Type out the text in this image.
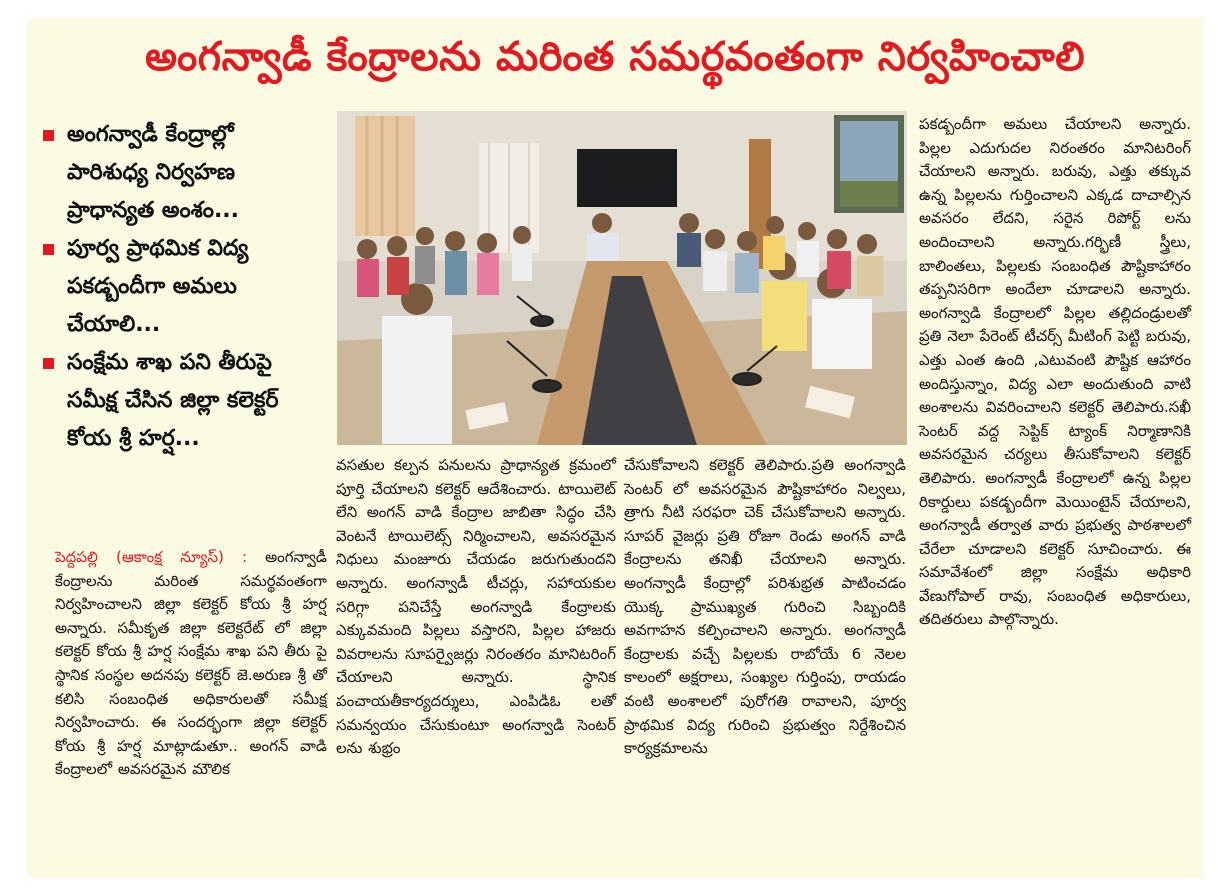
అంగన్వాడీ కేంద్రాలను మరింత సమర్థవంతంగా నిర్వహించాలి
అంగన్వాడీ కేంద్రాల్లో పారిశుధ్య నిర్వహణ ప్రాధాన్యత అంశం...
పూర్వ ప్రాథమిక విద్య పకడ్బందీగా అమలు చేయాలి...
సంక్షేమ శాఖ పని తీరుపై సమీక్ష చేసిన జిల్లా కలెక్టర్ కోయ శ్రీ హర్ష...
పెద్దపల్లి (ఆకాంక్ష న్యూస్) : అంగన్వాడీ కేంద్రాలను మరింత సమర్థవంతంగా నిర్వహించాలని జిల్లా కలెక్టర్ కోయ శ్రీ హర్ష అన్నారు. సమీకృత జిల్లా కలెక్టరేట్ లో జిల్లా కలెక్టర్ కోయ శ్రీ హర్ష సంక్షేమ శాఖ పని తీరు పై స్థానిక సంస్థల అదనపు కలెక్టర్ జె.అరుణ శ్రీ తో కలిసి సంబంధిత అధికారులతో సమీక్ష నిర్వహించారు. ఈ సందర్భంగా జిల్లా కలెక్టర్ కోయ శ్రీ హర్ష మాట్లాడుతూ.. అంగన్ వాడి కేంద్రాలలో అవసరమైన మౌలిక
వసతుల కల్పన పనులను ప్రాధాన్యత క్రమంలో పూర్తి చేయాలని కలెక్టర్ ఆదేశించారు. టాయిలెట్ లేని అంగన్ వాడి కేంద్రాల జాబితా సిద్ధం చేసి వెంటనే టాయిలెట్స్ నిర్మించాలని, అవసరమైన నిధులు మంజూరు చేయడం జరుగుతుందని అన్నారు. అంగన్వాడీ టీచర్లు, సహాయకుల సరిగ్గా పనిచేస్తే అంగన్వాడి కేంద్రాలకు ఎక్కువమంది పిల్లలు వస్తారని, పిల్లల హాజరు వివరాలను సూపర్వైజర్లు నిరంతరం మానిటరింగ్ చేయాలని అన్నారు. స్థానిక పంచాయతీకార్యదర్శులు, ఎంపిడిఓ లతో సమన్వయం చేసుకుంటూ అంగన్వాడి సెంటర్ లను శుభ్రం
చేసుకోవాలని కలెక్టర్ తెలిపారు.ప్రతి అంగన్వాడి సెంటర్ లో అవసరమైన పౌష్టికాహారం నిల్వలు, త్రాగు నీటి సరఫరా చెక్ చేసుకోవాలని అన్నారు. సూపర్ వైజర్లు ప్రతి రోజూ రెండు అంగన్ వాడి కేంద్రాలను తనిఖీ చేయాలని అన్నారు. అంగన్వాడీ కేంద్రాల్లో పరిశుభ్రత పాటించడం యొక్క ప్రాముఖ్యత గురించి సిబ్బందికి అవగాహన కల్పించాలని అన్నారు. అంగన్వాడీ కేంద్రాలకు వచ్చే పిల్లలకు రాబోయే 6 నెలల కాలంలో అక్షరాలు, సంఖ్యల గుర్తింపు, రాయడం వంటి అంశాలలో పురోగతి రావాలని, పూర్వ ప్రాథమిక విద్య గురించి ప్రభుత్వం నిర్దేశించిన కార్యక్రమాలను
పకడ్బందీగా అమలు చేయాలని అన్నారు. పిల్లల ఎదుగుదల నిరంతరం మానిటరింగ్ చేయాలని అన్నారు. బరువు, ఎత్తు తక్కువ ఉన్న పిల్లలను గుర్తించాలని ఎక్కడ దాచాల్సిన అవసరం లేదని, సరైన రిపోర్ట్ లను అందించాలని అన్నారు.గర్భిణీ స్త్రీలు, బాలింతలు, పిల్లలకు సంబంధిత పౌష్టికాహారం తప్పనిసరిగా అందేలా చూడాలని అన్నారు. అంగన్వాడి కేంద్రాలలో పిల్లల తల్లిదండ్రులతో ప్రతి నెలా పేరెంట్ టీచర్స్ మీటింగ్ పెట్టి బరువు, ఎత్తు ఎంత ఉంది ,ఎటువంటి పౌష్టిక ఆహారం అందిస్తున్నాం, విద్య ఎలా అందుతుంది వాటి అంశాలను వివరించాలని కలెక్టర్ తెలిపారు.సఖీ సెంటర్ వద్ద సెప్టిక్ ట్యాంక్ నిర్మాణానికి అవసరమైన చర్యలు తీసుకోవాలని కలెక్టర్ తెలిపారు. అంగన్వాడీ కేంద్రాలలో ఉన్న పిల్లల రికార్డులు పకడ్బందీగా మెయింటైన్ చేయాలని, అంగన్వాడీ తర్వాత వారు ప్రభుత్వ పాఠశాలలో చేరేలా చూడాలని కలెక్టర్ సూచించారు. ఈ సమావేశంలో జిల్లా సంక్షేమ అధికారి వేణుగోపాల్ రావు, సంబంధిత అధికారులు, తదితరులు పాల్గొన్నారు.
